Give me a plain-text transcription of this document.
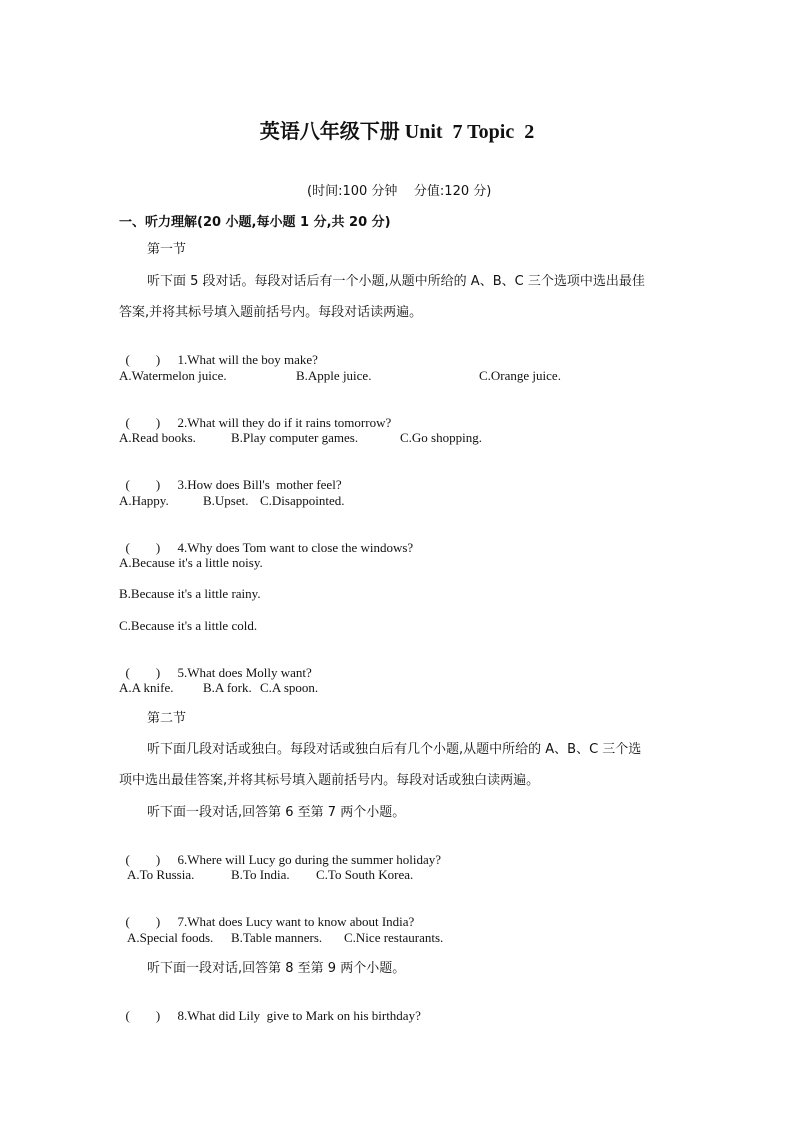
英语八年级下册 Unit  7 Topic  2
(时间:100 分钟    分值:120 分)
一、听力理解(20 小题,每小题 1 分,共 20 分)
第一节
听下面 5 段对话。每段对话后有一个小题,从题中所给的 A、B、C 三个选项中选出最佳
答案,并将其标号填入题前括号内。每段对话读两遍。

(        ) 1.What will the boy make?

A.Watermelon juice.	B.Apple juice.	C.Orange juice.

(        ) 2.What will they do if it rains tomorrow?

A.Read books.	B.Play computer games.	C.Go shopping.

(        ) 3.How does Bill's  mother feel?

A.Happy.	B.Upset. C.Disappointed.

(        ) 4.Why does Tom want to close the windows?

A.Because it's a little noisy.
B.Because it's a little rainy.
C.Because it's a little cold.

(        ) 5.What does Molly want?

A.A knife. B.A fork. C.A spoon.
第二节
听下面几段对话或独白。每段对话或独白后有几个小题,从题中所给的 A、B、C 三个选
项中选出最佳答案,并将其标号填入题前括号内。每段对话或独白读两遍。
听下面一段对话,回答第 6 至第 7 两个小题。

(        ) 6.Where will Lucy go during the summer holiday?

A.To Russia.	B.To India. C.To South Korea.

(        ) 7.What does Lucy want to know about India?

A.Special foods. B.Table manners. C.Nice restaurants.
听下面一段对话,回答第 8 至第 9 两个小题。

(        ) 8.What did Lily  give to Mark on his birthday?
